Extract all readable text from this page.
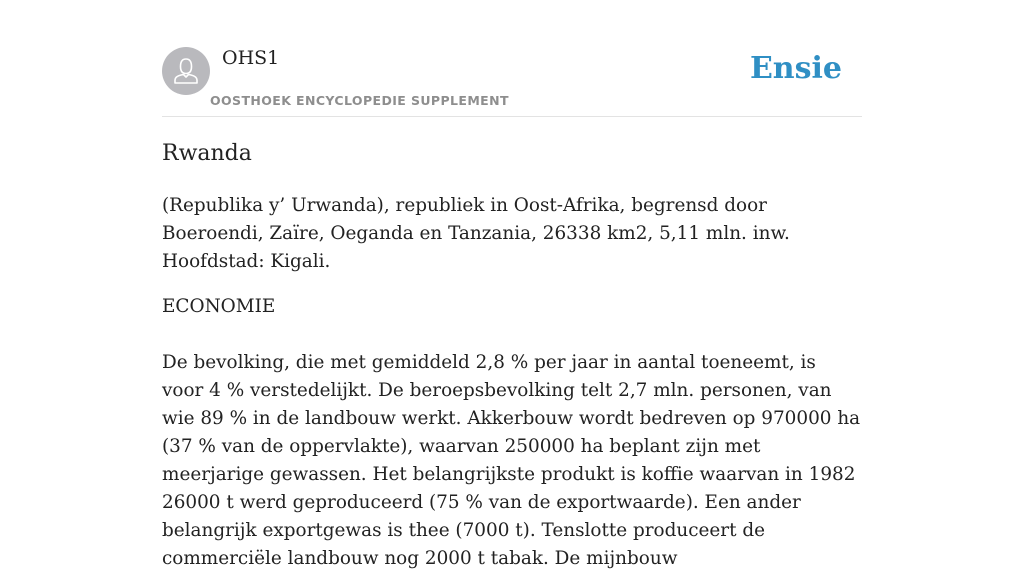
OHS1
OOSTHOEK ENCYCLOPEDIE SUPPLEMENT
Ensie
Rwanda

(Republika y’ Urwanda), republiek in Oost-Afrika, begrensd door Boeroendi, Zaïre, Oeganda en Tanzania, 26338 km2, 5,11 mln. inw. Hoofdstad: Kigali.

ECONOMIE

De bevolking, die met gemiddeld 2,8 % per jaar in aantal toeneemt, is voor 4 % verstedelijkt. De beroepsbevolking telt 2,7 mln. personen, van wie 89 % in de landbouw werkt. Akkerbouw wordt bedreven op 970000 ha (37 % van de oppervlakte), waarvan 250000 ha beplant zijn met meerjarige gewassen. Het belangrijkste produkt is koffie waarvan in 1982 26000 t werd geproduceerd (75 % van de exportwaarde). Een ander belangrijk exportgewas is thee (7000 t). Tenslotte produceert de commerciële landbouw nog 2000 t tabak. De mijnbouw
